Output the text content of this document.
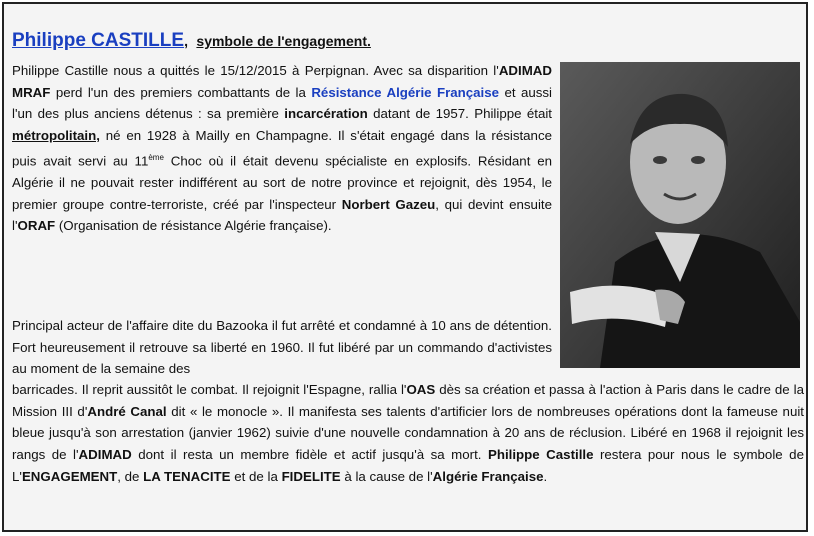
Philippe CASTILLE, symbole de l'engagement.
Philippe Castille nous a quittés le 15/12/2015 à Perpignan. Avec sa disparition l'ADIMAD MRAF perd l'un des premiers combattants de la Résistance Algérie Française et aussi l'un des plus anciens détenus : sa première incarcération datant de 1957. Philippe était métropolitain, né en 1928 à Mailly en Champagne. Il s'était engagé dans la résistance puis avait servi au 11ème Choc où il était devenu spécialiste en explosifs. Résidant en Algérie il ne pouvait rester indifférent au sort de notre province et rejoignit, dès 1954, le premier groupe contre-terroriste, créé par l'inspecteur Norbert Gazeu, qui devint ensuite l'ORAF (Organisation de résistance Algérie française).
Principal acteur de l'affaire dite du Bazooka il fut arrêté et condamné à 10 ans de détention. Fort heureusement il retrouve sa liberté en 1960. Il fut libéré par un commando d'activistes au moment de la semaine des
barricades. Il reprit aussitôt le combat. Il rejoignit l'Espagne, rallia l'OAS dès sa création et passa à l'action à Paris dans le cadre de la Mission III d'André Canal dit « le monocle ». Il manifesta ses talents d'artificier lors de nombreuses opérations dont la fameuse nuit bleue jusqu'à son arrestation (janvier 1962) suivie d'une nouvelle condamnation à 20 ans de réclusion. Libéré en 1968 il rejoignit les rangs de l'ADIMAD dont il resta un membre fidèle et actif jusqu'à sa mort. Philippe Castille restera pour nous le symbole de L'ENGAGEMENT, de LA TENACITE et de la FIDELITE à la cause de l'Algérie Française.
